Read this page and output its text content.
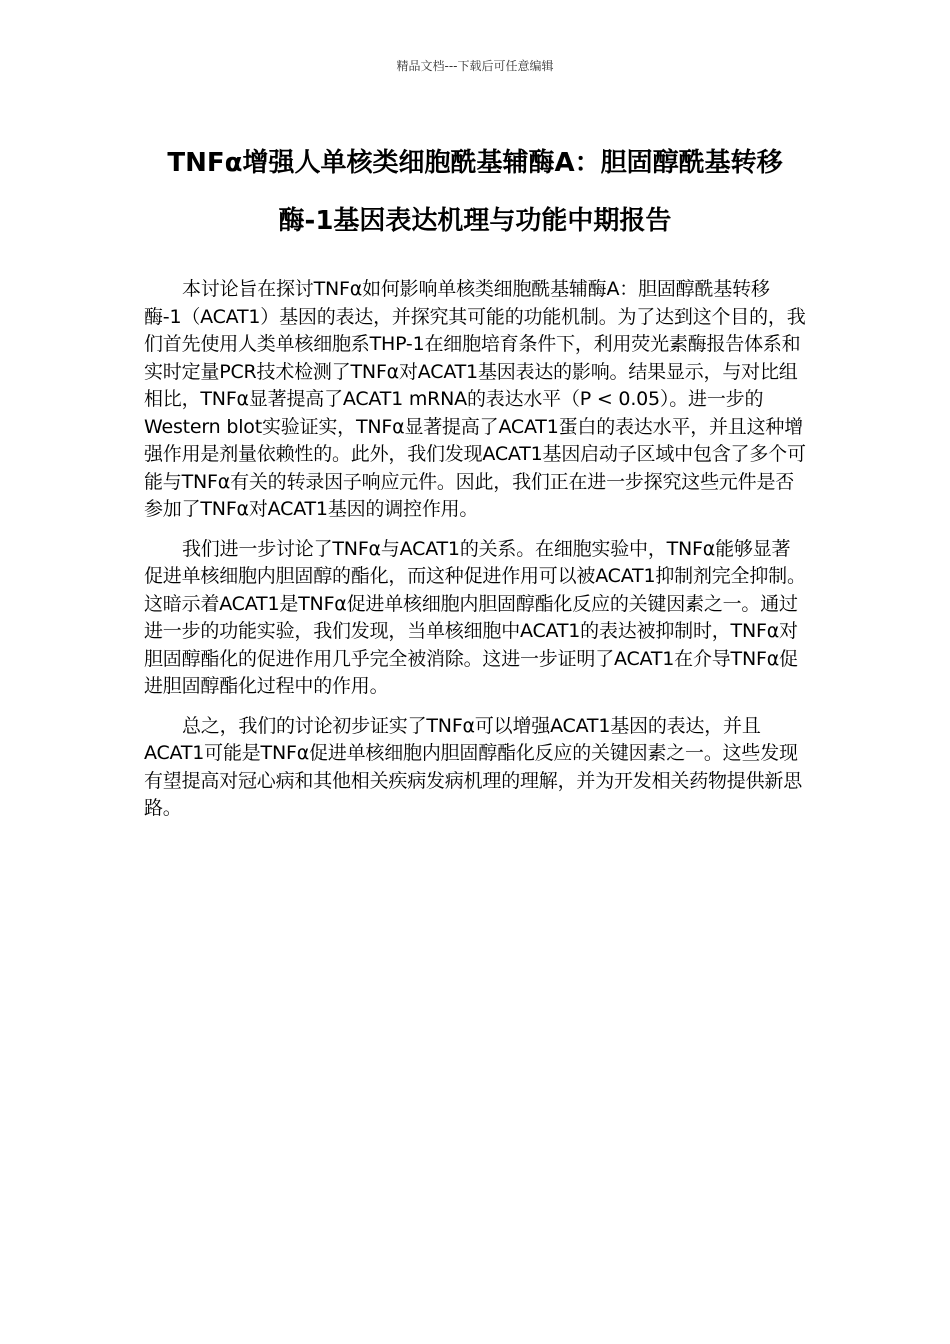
精品文档---下载后可任意编辑
TNFα增强人单核类细胞酰基辅酶A：胆固醇酰基转移酶-1基因表达机理与功能中期报告

本讨论旨在探讨TNFα如何影响单核类细胞酰基辅酶A：胆固醇酰基转移酶-1（ACAT1）基因的表达，并探究其可能的功能机制。为了达到这个目的，我们首先使用人类单核细胞系THP-1在细胞培育条件下，利用荧光素酶报告体系和实时定量PCR技术检测了TNFα对ACAT1基因表达的影响。结果显示，与对比组相比，TNFα显著提高了ACAT1 mRNA的表达水平（P < 0.05）。进一步的Western blot实验证实，TNFα显著提高了ACAT1蛋白的表达水平，并且这种增强作用是剂量依赖性的。此外，我们发现ACAT1基因启动子区域中包含了多个可能与TNFα有关的转录因子响应元件。因此，我们正在进一步探究这些元件是否参加了TNFα对ACAT1基因的调控作用。

我们进一步讨论了TNFα与ACAT1的关系。在细胞实验中，TNFα能够显著促进单核细胞内胆固醇的酯化，而这种促进作用可以被ACAT1抑制剂完全抑制。这暗示着ACAT1是TNFα促进单核细胞内胆固醇酯化反应的关键因素之一。通过进一步的功能实验，我们发现，当单核细胞中ACAT1的表达被抑制时，TNFα对胆固醇酯化的促进作用几乎完全被消除。这进一步证明了ACAT1在介导TNFα促进胆固醇酯化过程中的作用。

总之，我们的讨论初步证实了TNFα可以增强ACAT1基因的表达，并且ACAT1可能是TNFα促进单核细胞内胆固醇酯化反应的关键因素之一。这些发现有望提高对冠心病和其他相关疾病发病机理的理解，并为开发相关药物提供新思路。
